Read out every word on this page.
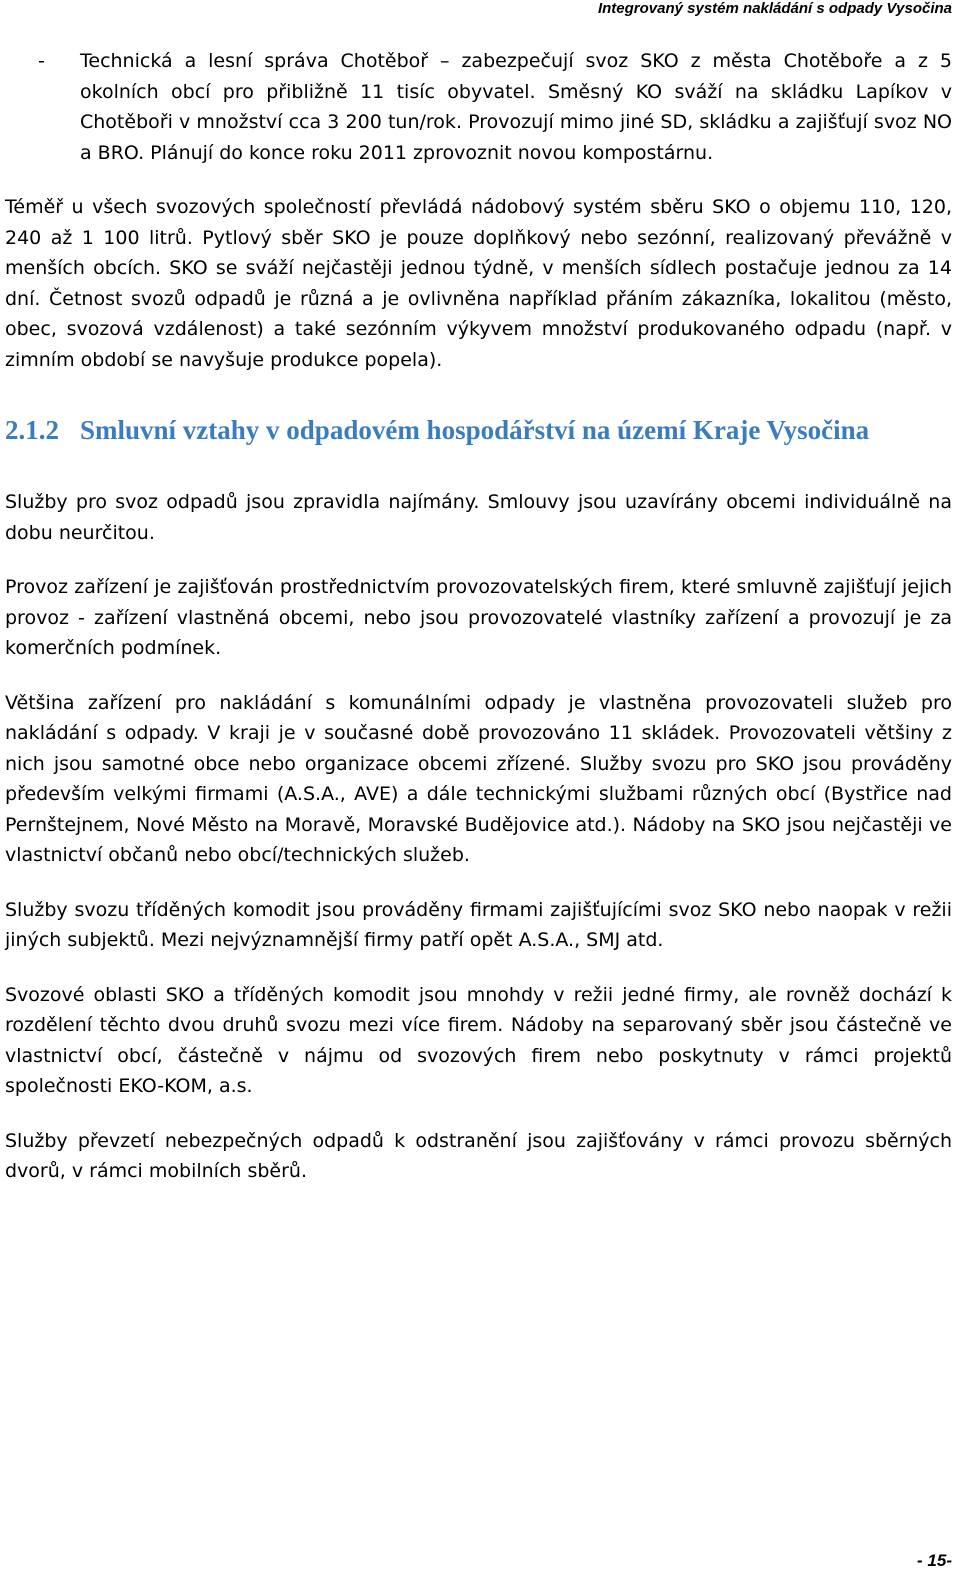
Integrovaný systém nakládání s odpady Vysočina
- Technická a lesní správa Chotěboř – zabezpečují svoz SKO z města Chotěboře a z 5 okolních obcí pro přibližně 11 tisíc obyvatel. Směsný KO sváží na skládku Lapíkov v Chotěboři v množství cca 3 200 tun/rok. Provozují mimo jiné SD, skládku a zajišťují svoz NO a BRO. Plánují do konce roku 2011 zprovoznit novou kompostárnu.

Téměř u všech svozových společností převládá nádobový systém sběru SKO o objemu 110, 120, 240 až 1 100 litrů. Pytlový sběr SKO je pouze doplňkový nebo sezónní, realizovaný převážně v menších obcích. SKO se sváží nejčastěji jednou týdně, v menších sídlech postačuje jednou za 14 dní. Četnost svozů odpadů je různá a je ovlivněna například přáním zákazníka, lokalitou (město, obec, svozová vzdálenost) a také sezónním výkyvem množství produkovaného odpadu (např. v zimním období se navyšuje produkce popela).

2.1.2 Smluvní vztahy v odpadovém hospodářství na území Kraje Vysočina

Služby pro svoz odpadů jsou zpravidla najímány. Smlouvy jsou uzavírány obcemi individuálně na dobu neurčitou.

Provoz zařízení je zajišťován prostřednictvím provozovatelských firem, které smluvně zajišťují jejich provoz - zařízení vlastněná obcemi, nebo jsou provozovatelé vlastníky zařízení a provozují je za komerčních podmínek.

Většina zařízení pro nakládání s komunálními odpady je vlastněna provozovateli služeb pro nakládání s odpady. V kraji je v současné době provozováno 11 skládek. Provozovateli většiny z nich jsou samotné obce nebo organizace obcemi zřízené. Služby svozu pro SKO jsou prováděny především velkými firmami (A.S.A., AVE) a dále technickými službami různých obcí (Bystřice nad Pernštejnem, Nové Město na Moravě, Moravské Budějovice atd.). Nádoby na SKO jsou nejčastěji ve vlastnictví občanů nebo obcí/technických služeb.

Služby svozu tříděných komodit jsou prováděny firmami zajišťujícími svoz SKO nebo naopak v režii jiných subjektů. Mezi nejvýznamnější firmy patří opět A.S.A., SMJ atd.

Svozové oblasti SKO a tříděných komodit jsou mnohdy v režii jedné firmy, ale rovněž dochází k rozdělení těchto dvou druhů svozu mezi více firem. Nádoby na separovaný sběr jsou částečně ve vlastnictví obcí, částečně v nájmu od svozových firem nebo poskytnuty v rámci projektů společnosti EKO-KOM, a.s.

Služby převzetí nebezpečných odpadů k odstranění jsou zajišťovány v rámci provozu sběrných dvorů, v rámci mobilních sběrů.

- 15-
